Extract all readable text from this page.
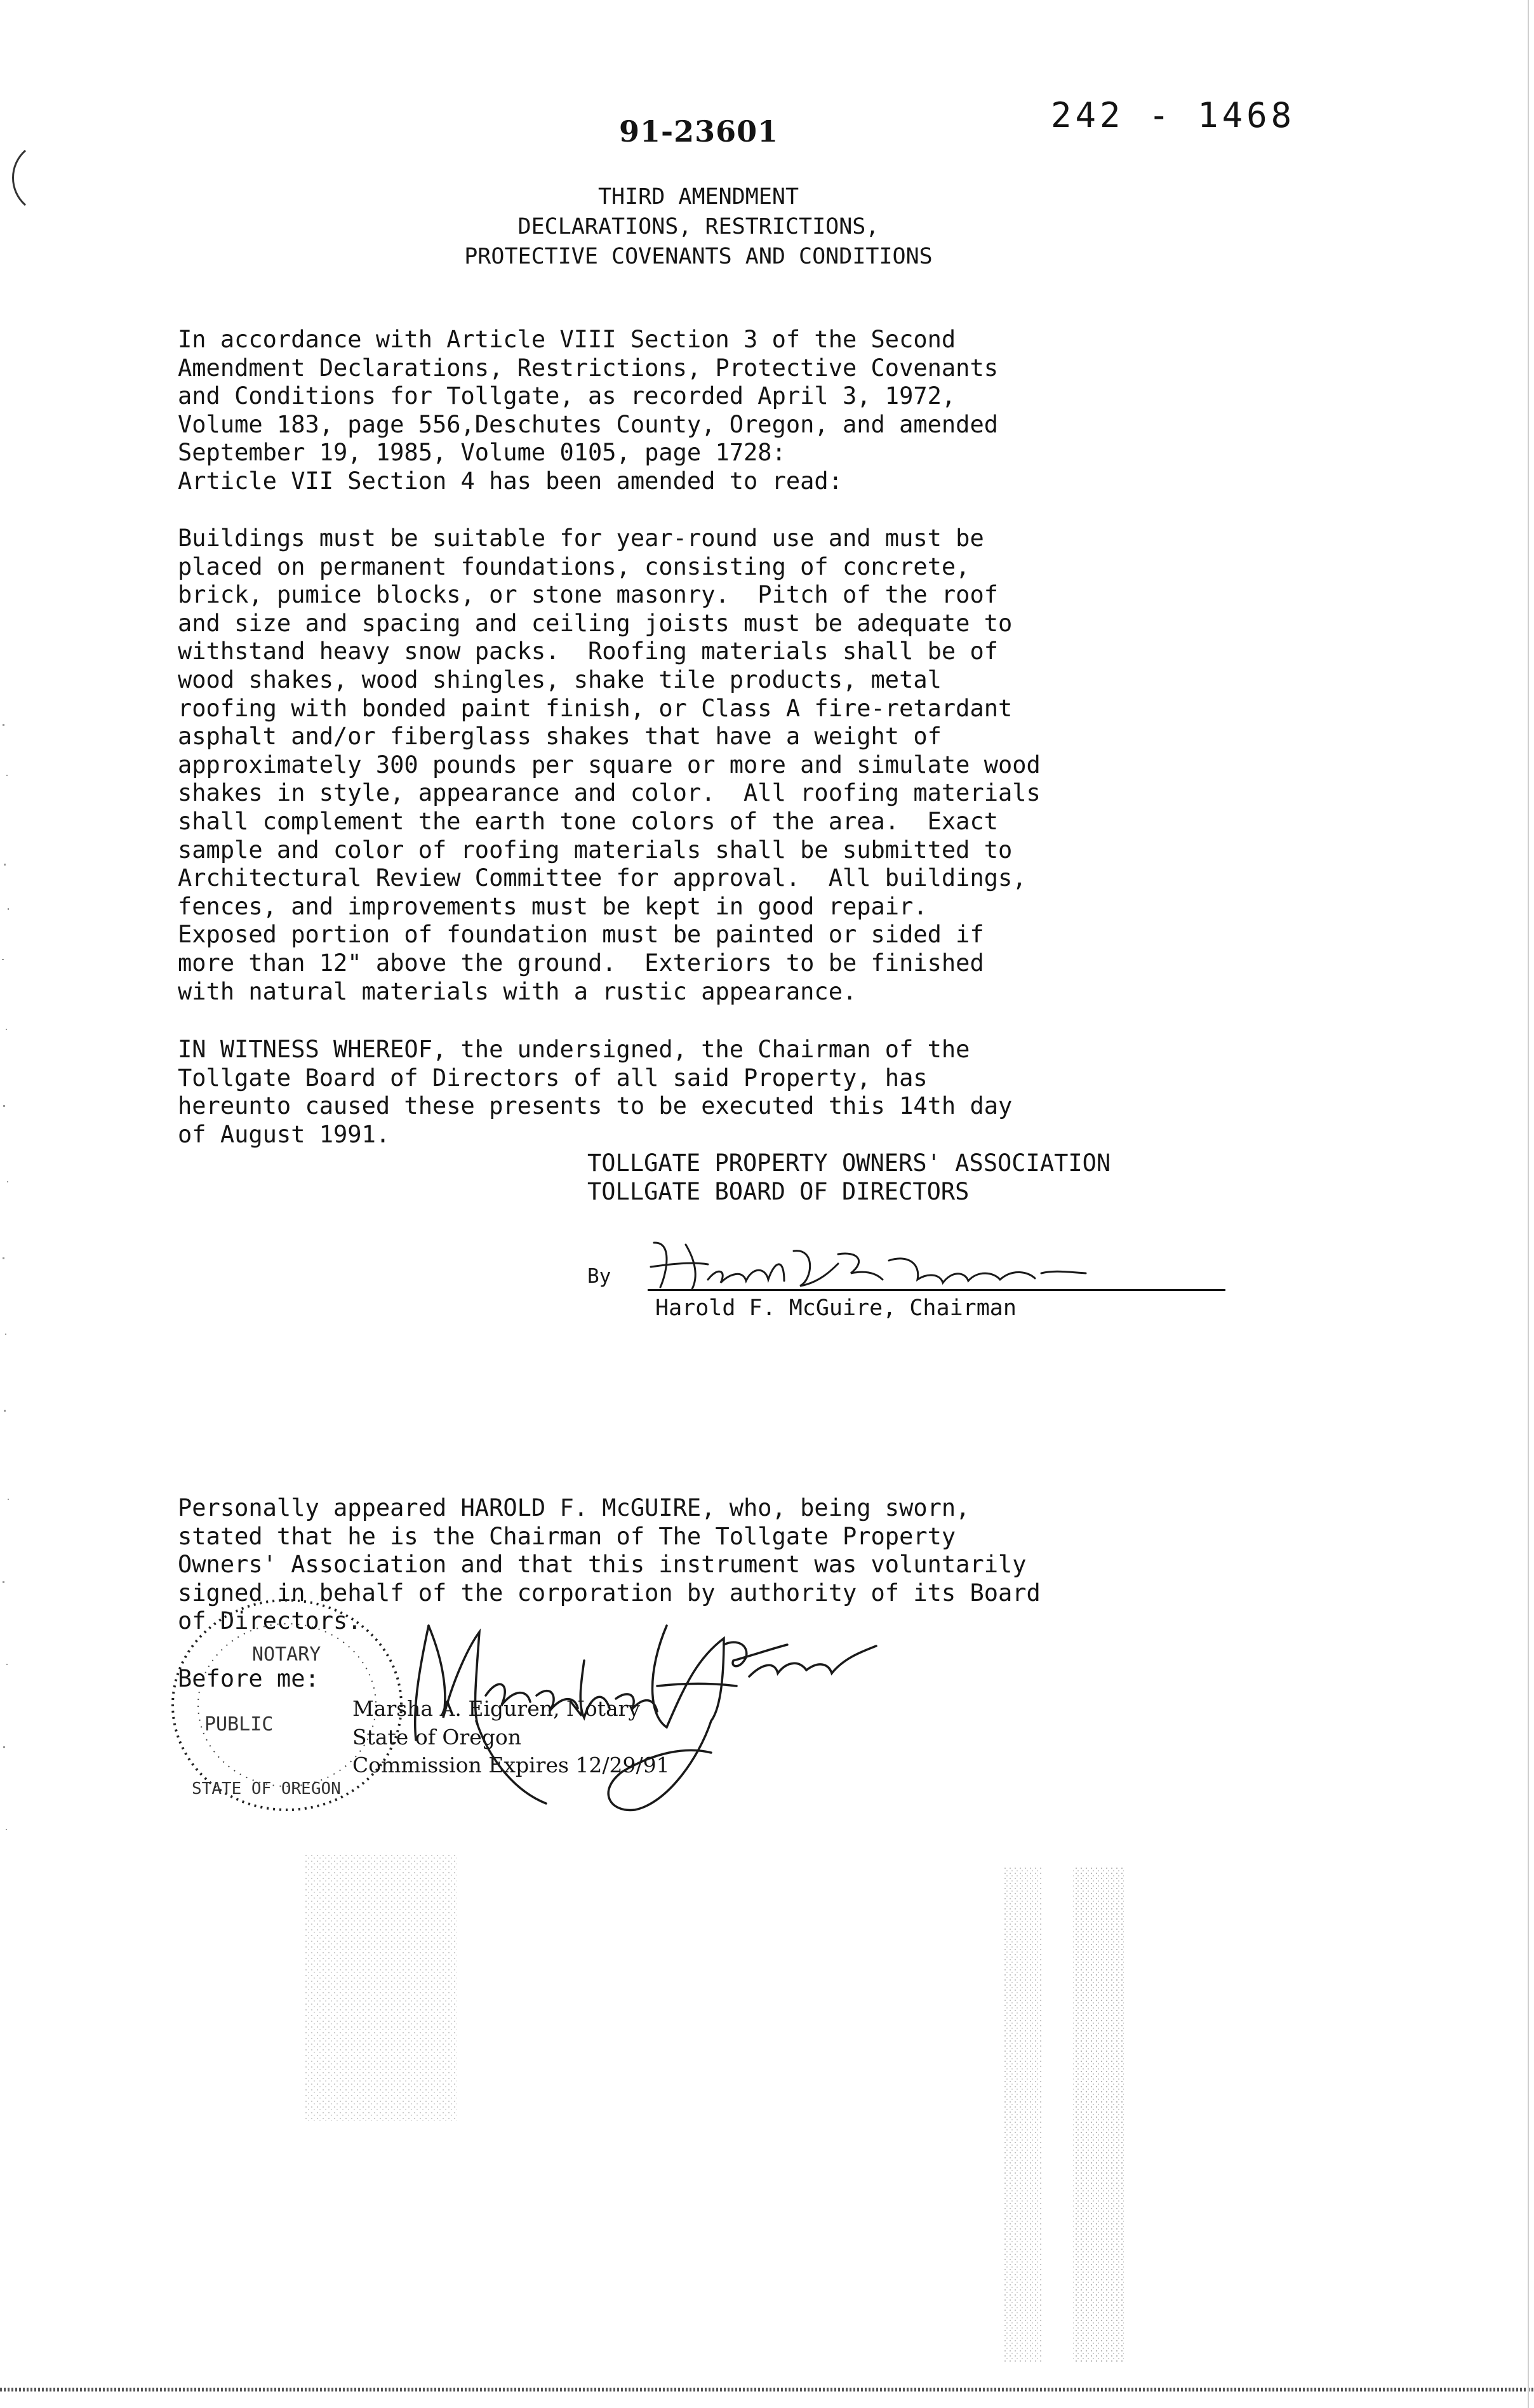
91-23601	242 - 1468
THIRD AMENDMENT
DECLARATIONS, RESTRICTIONS,
PROTECTIVE COVENANTS AND CONDITIONS
In accordance with Article VIII Section 3 of the Second
Amendment Declarations, Restrictions, Protective Covenants
and Conditions for Tollgate, as recorded April 3, 1972,
Volume 183, page 556,Deschutes County, Oregon, and amended
September 19, 1985, Volume 0105, page 1728:
Article VII Section 4 has been amended to read:
Buildings must be suitable for year-round use and must be
placed on permanent foundations, consisting of concrete,
brick, pumice blocks, or stone masonry.  Pitch of the roof
and size and spacing and ceiling joists must be adequate to
withstand heavy snow packs.  Roofing materials shall be of
wood shakes, wood shingles, shake tile products, metal
roofing with bonded paint finish, or Class A fire-retardant
asphalt and/or fiberglass shakes that have a weight of
approximately 300 pounds per square or more and simulate wood
shakes in style, appearance and color.  All roofing materials
shall complement the earth tone colors of the area.  Exact
sample and color of roofing materials shall be submitted to
Architectural Review Committee for approval.  All buildings,
fences, and improvements must be kept in good repair.
Exposed portion of foundation must be painted or sided if
more than 12" above the ground.  Exteriors to be finished
with natural materials with a rustic appearance.
IN WITNESS WHEREOF, the undersigned, the Chairman of the
Tollgate Board of Directors of all said Property, has
hereunto caused these presents to be executed this 14th day
of August 1991.
TOLLGATE PROPERTY OWNERS' ASSOCIATION
TOLLGATE BOARD OF DIRECTORS
By
Harold F. McGuire, Chairman
Personally appeared HAROLD F. McGUIRE, who, being sworn,
stated that he is the Chairman of The Tollgate Property
Owners' Association and that this instrument was voluntarily
signed in behalf of the corporation by authority of its Board
of Directors.
NOTARY
PUBLIC
STATE OF OREGON
Before me:
Marsha A. Eiguren, Notary
State of Oregon
Commission Expires 12/29/91
